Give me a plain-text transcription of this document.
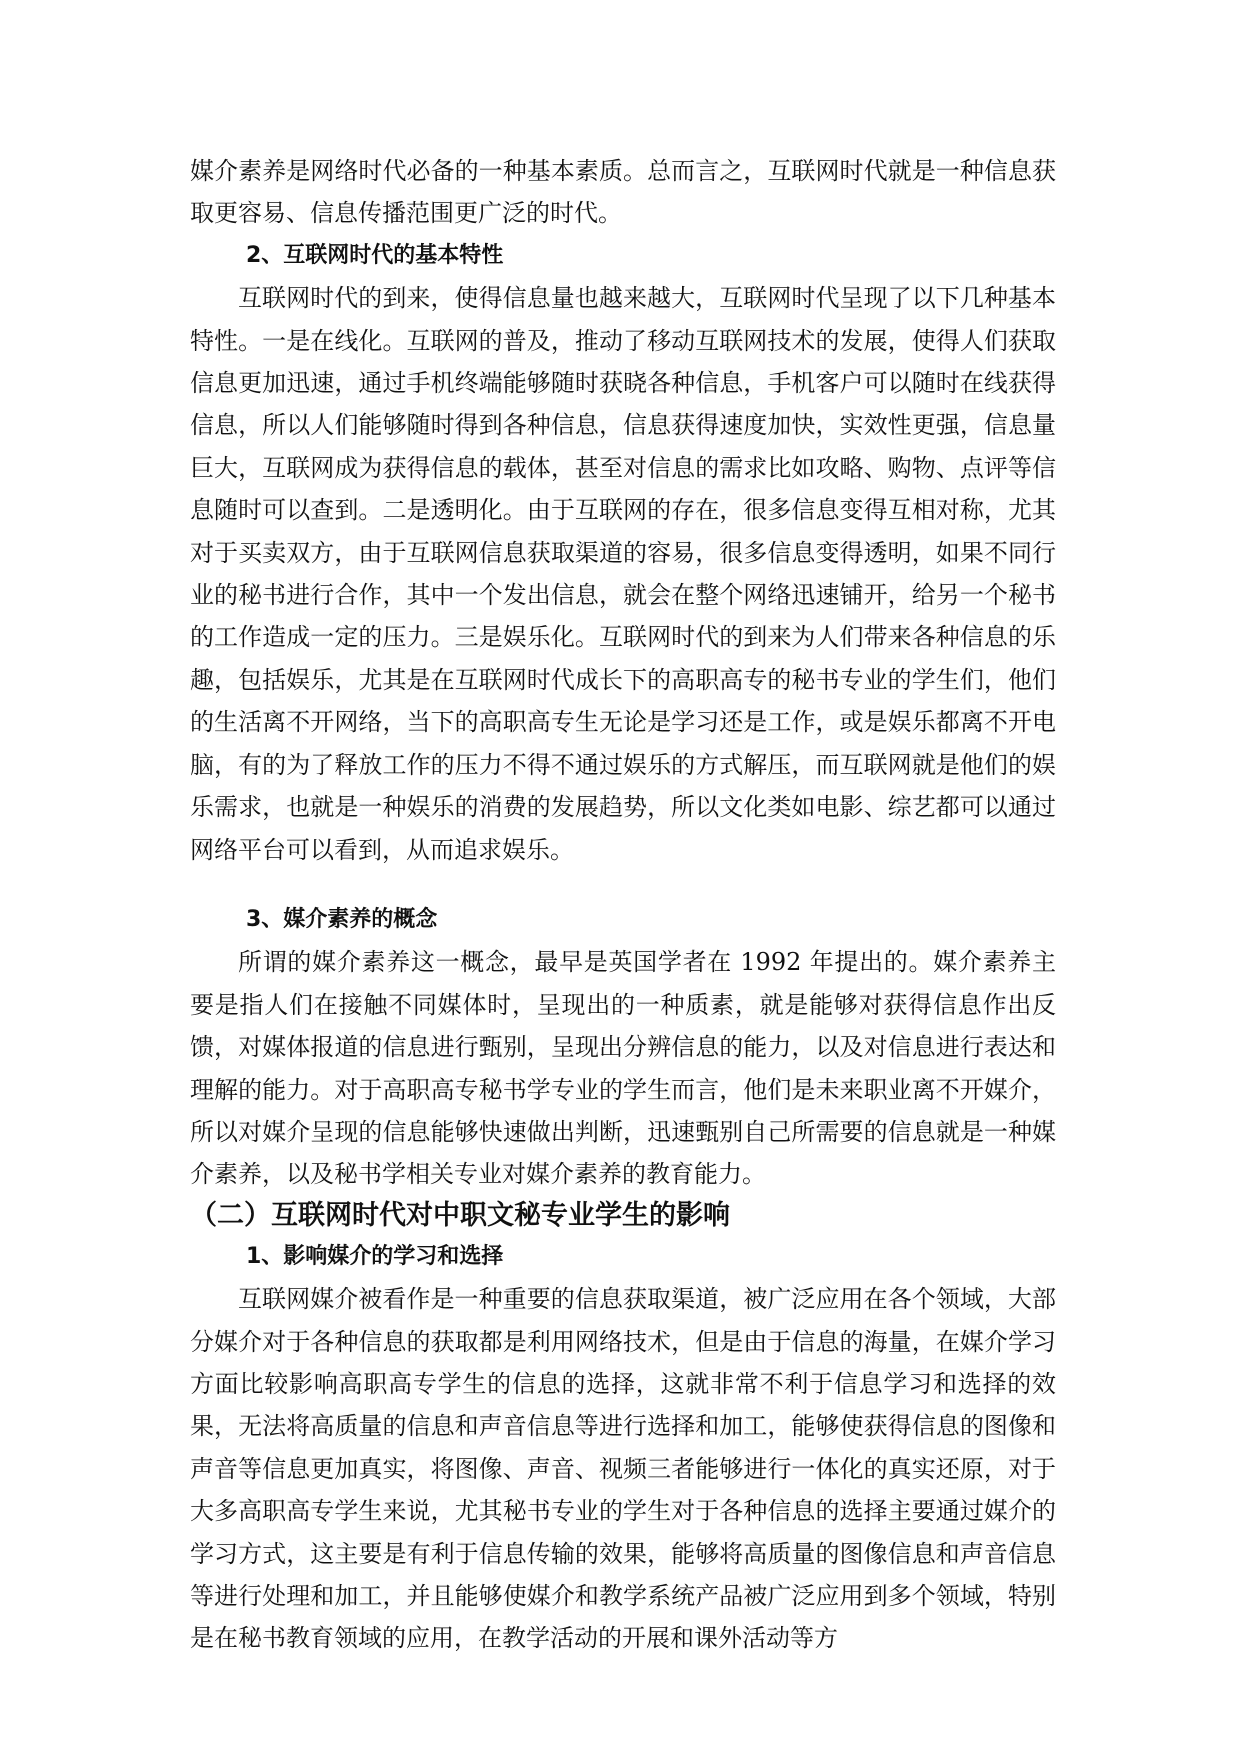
媒介素养是网络时代必备的一种基本素质。总而言之，互联网时代就是一种信息获取更容易、信息传播范围更广泛的时代。

2、互联网时代的基本特性

互联网时代的到来，使得信息量也越来越大，互联网时代呈现了以下几种基本特性。一是在线化。互联网的普及，推动了移动互联网技术的发展，使得人们获取信息更加迅速，通过手机终端能够随时获晓各种信息，手机客户可以随时在线获得信息，所以人们能够随时得到各种信息，信息获得速度加快，实效性更强，信息量巨大，互联网成为获得信息的载体，甚至对信息的需求比如攻略、购物、点评等信息随时可以查到。二是透明化。由于互联网的存在，很多信息变得互相对称，尤其对于买卖双方，由于互联网信息获取渠道的容易，很多信息变得透明，如果不同行业的秘书进行合作，其中一个发出信息，就会在整个网络迅速铺开，给另一个秘书的工作造成一定的压力。三是娱乐化。互联网时代的到来为人们带来各种信息的乐趣，包括娱乐，尤其是在互联网时代成长下的高职高专的秘书专业的学生们，他们的生活离不开网络，当下的高职高专生无论是学习还是工作，或是娱乐都离不开电脑，有的为了释放工作的压力不得不通过娱乐的方式解压，而互联网就是他们的娱乐需求，也就是一种娱乐的消费的发展趋势，所以文化类如电影、综艺都可以通过网络平台可以看到，从而追求娱乐。

3、媒介素养的概念

所谓的媒介素养这一概念，最早是英国学者在 1992 年提出的。媒介素养主要是指人们在接触不同媒体时，呈现出的一种质素，就是能够对获得信息作出反馈，对媒体报道的信息进行甄别，呈现出分辨信息的能力，以及对信息进行表达和理解的能力。对于高职高专秘书学专业的学生而言，他们是未来职业离不开媒介，所以对媒介呈现的信息能够快速做出判断，迅速甄别自己所需要的信息就是一种媒介素养，以及秘书学相关专业对媒介素养的教育能力。

（二）互联网时代对中职文秘专业学生的影响

1、影响媒介的学习和选择

互联网媒介被看作是一种重要的信息获取渠道，被广泛应用在各个领域，大部分媒介对于各种信息的获取都是利用网络技术，但是由于信息的海量，在媒介学习方面比较影响高职高专学生的信息的选择，这就非常不利于信息学习和选择的效果，无法将高质量的信息和声音信息等进行选择和加工，能够使获得信息的图像和声音等信息更加真实，将图像、声音、视频三者能够进行一体化的真实还原，对于大多高职高专学生来说，尤其秘书专业的学生对于各种信息的选择主要通过媒介的学习方式，这主要是有利于信息传输的效果，能够将高质量的图像信息和声音信息等进行处理和加工，并且能够使媒介和教学系统产品被广泛应用到多个领域，特别是在秘书教育领域的应用，在教学活动的开展和课外活动等方
